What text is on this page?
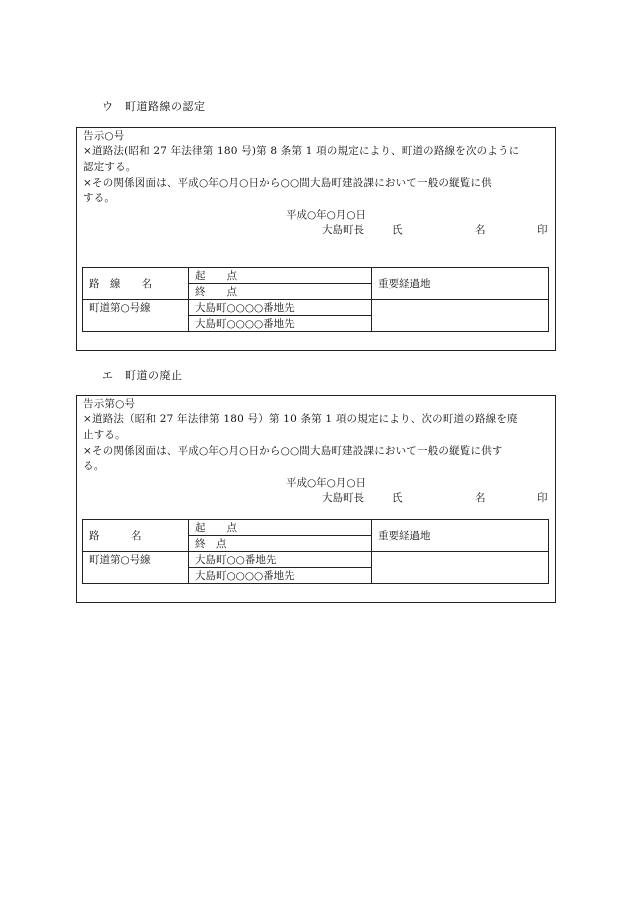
ウ　町道路線の認定
告示○号
×道路法(昭和 27 年法律第 180 号)第 8 条第 1 項の規定により、町道の路線を次のように
認定する。
×その関係図面は、平成○年○月○日から○○間大島町建設課において一般の縦覧に供
する。
平成○年○月○日
大島町長	氏	名	印
路　線　　名	起　　点	重要経過地
	終　　点	
町道第○号線	大島町○○○○番地先	
	大島町○○○○番地先	
エ　町道の廃止
告示第○号
×道路法（昭和 27 年法律第 180 号）第 10 条第 1 項の規定により、次の町道の路線を廃
止する。
×その関係図面は、平成○年○月○日から○○間大島町建設課において一般の縦覧に供す
る。
平成○年○月○日
大島町長	氏	名	印
路　　　名	起　　点	重要経過地
	終　点	
町道第○号線	大島町○○番地先	
	大島町○○○○番地先	
